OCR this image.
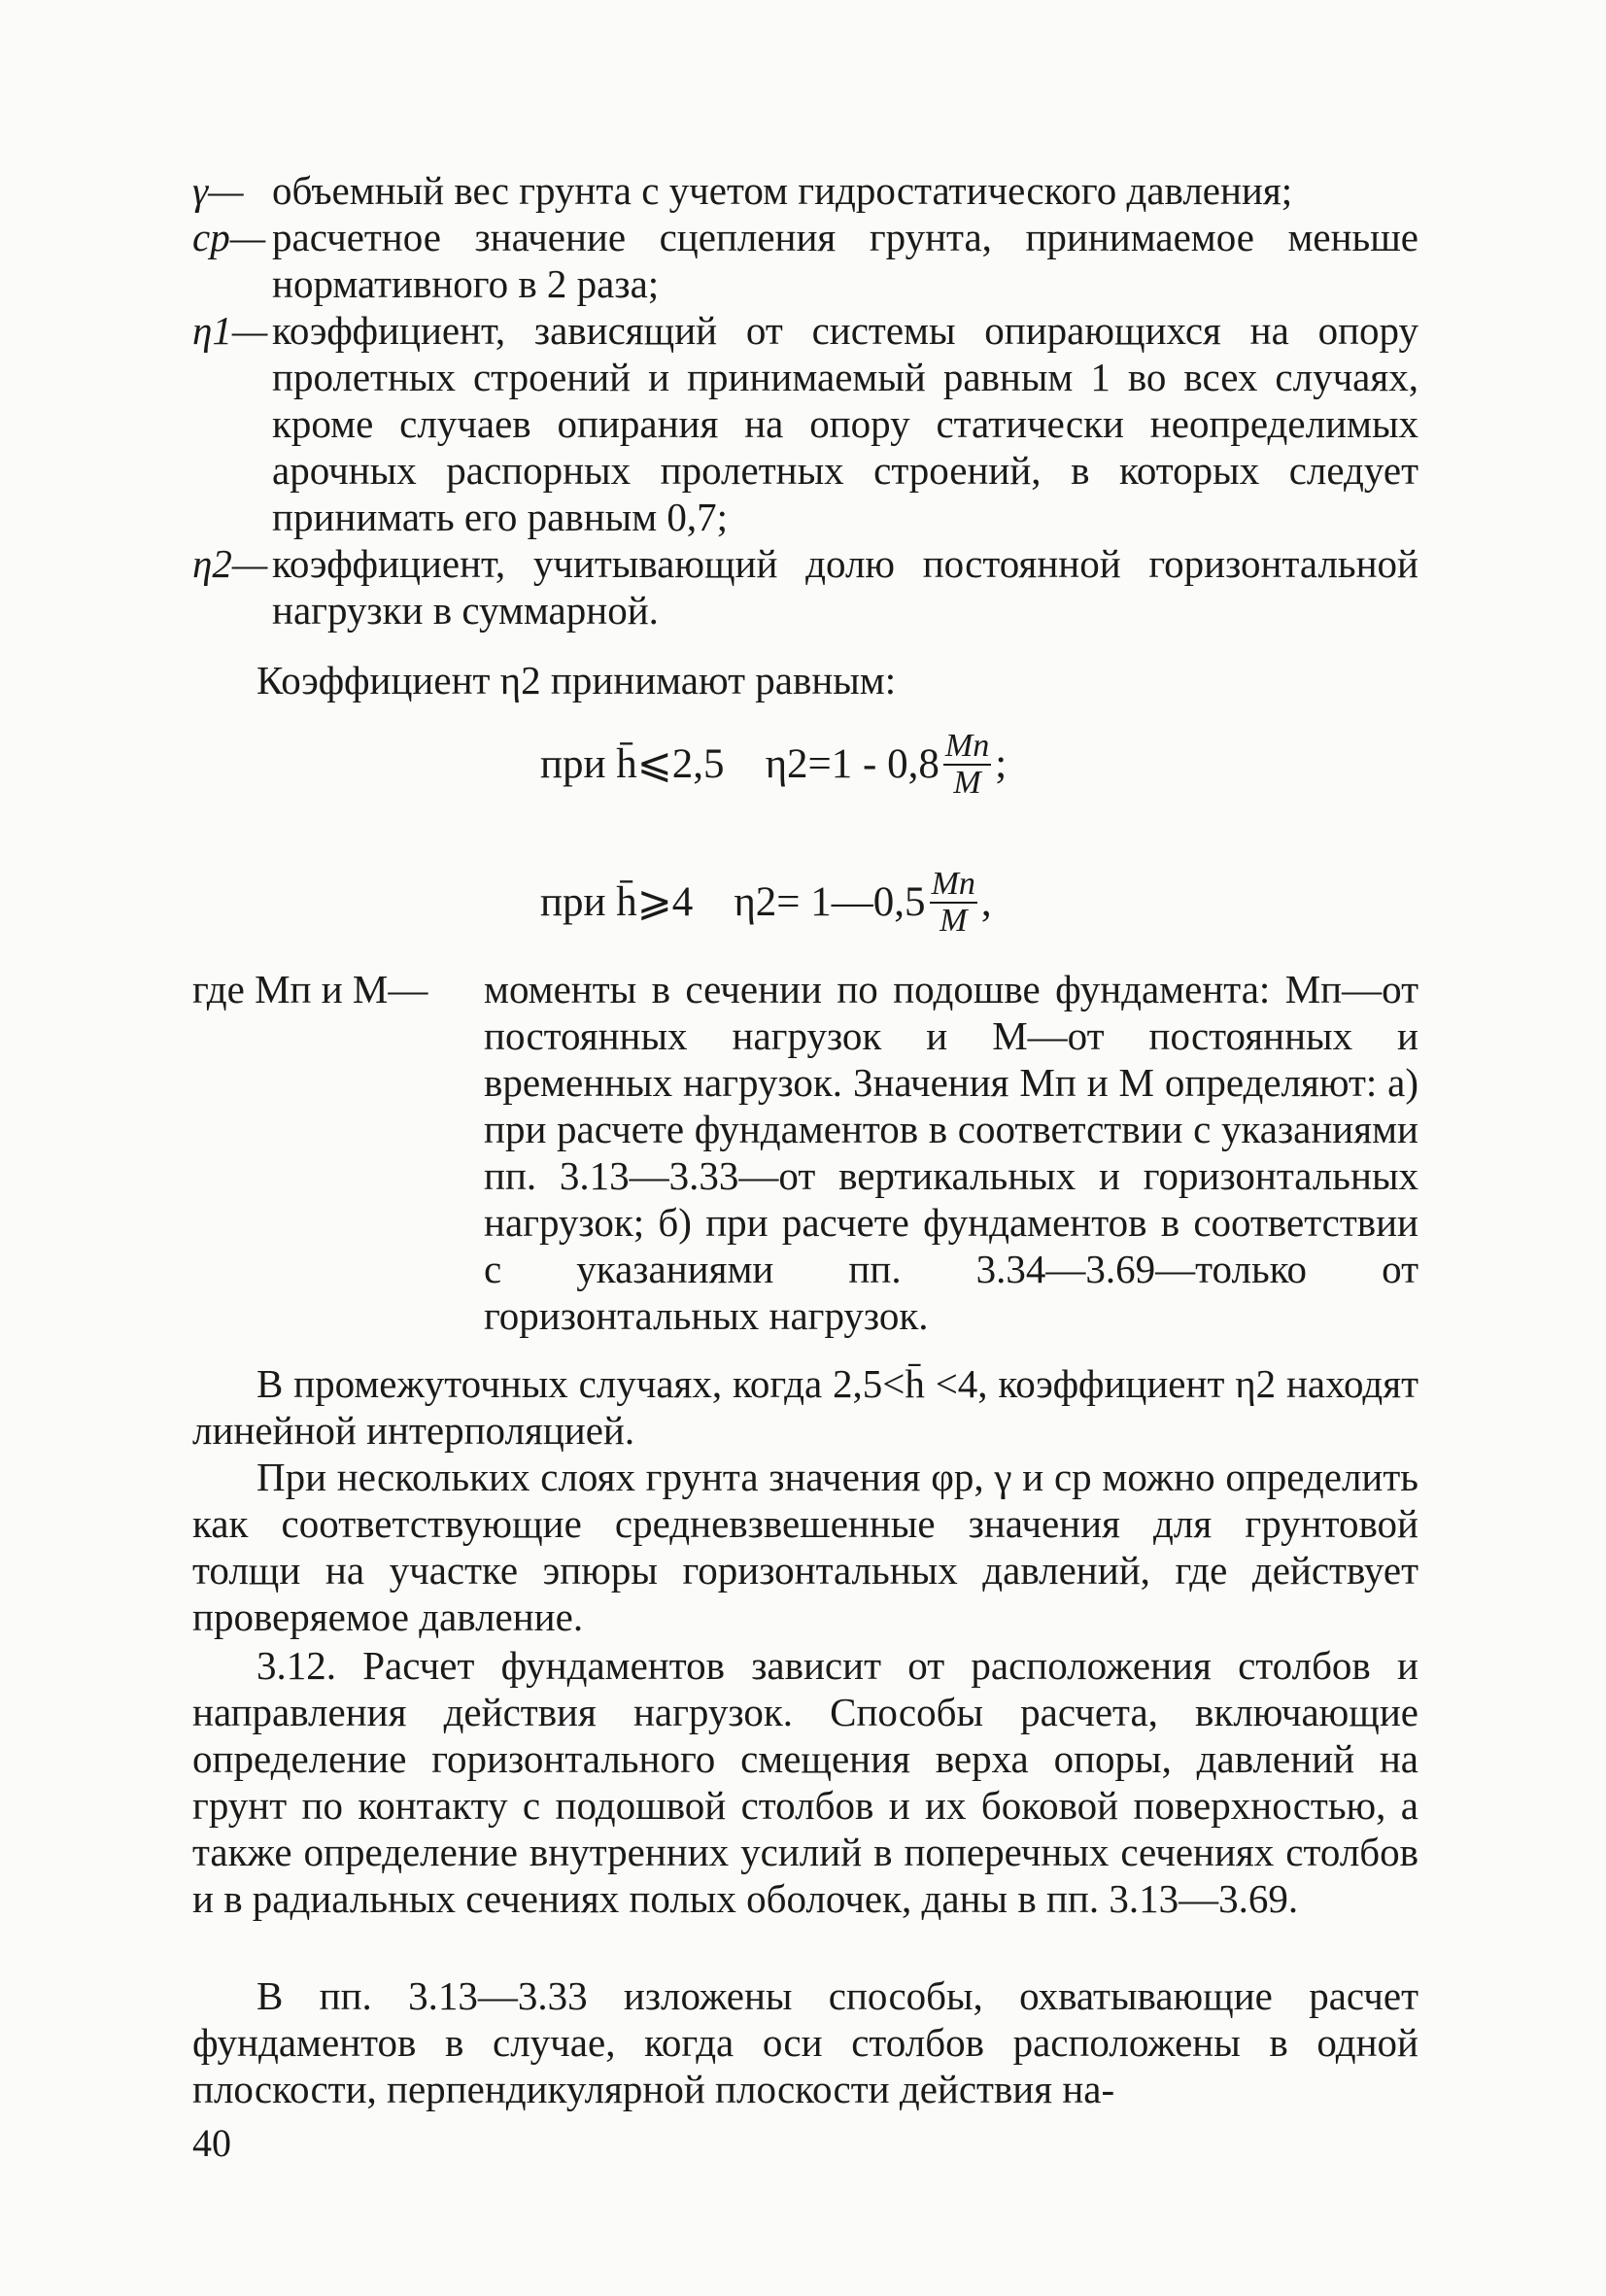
γ— объемный вес грунта с учетом гидростатического давления;
cр— расчетное значение сцепления грунта, принимаемое меньше нормативного в 2 раза;
η1— коэффициент, зависящий от системы опирающихся на опору пролетных строений и принимаемый равным 1 во всех случаях, кроме случаев опирания на опору статически неопределимых арочных распорных пролетных строений, в которых следует принимать его равным 0,7;
η2— коэффициент, учитывающий долю постоянной горизонтальной нагрузки в суммарной.
Коэффициент η2 принимают равным:
при h̄⩽2,5 $\eta 2=1 - 0,8 \frac{Mп}{M}$ ;
при h̄⩾4 η2= 1—0,5 $\frac{Mп}{M}$ ,
где Mп и M—	моменты в сечении по подошве фундамента: Mп—от постоянных нагрузок и M—от постоянных и временных нагрузок. Значения Mп и M определяют: а) при расчете фундаментов в соответствии с указаниями пп. 3.13—3.33—от вертикальных и горизонтальных нагрузок; б) при расчете фундаментов в соответствии с указаниями пп. 3.34—3.69—только от горизонтальных нагрузок.
В промежуточных случаях, когда 2,5<h̄ <4, коэффициент η2 находят линейной интерполяцией.
При нескольких слоях грунта значения φр, γ и cр можно определить как соответствующие средневзвешенные значения для грунтовой толщи на участке эпюры горизонтальных давлений, где действует проверяемое давление.
3.12. Расчет фундаментов зависит от расположения столбов и направления действия нагрузок. Способы расчета, включающие определение горизонтального смещения верха опоры, давлений на грунт по контакту с подошвой столбов и их боковой поверхностью, а также определение внутренних усилий в поперечных сечениях столбов и в радиальных сечениях полых оболочек, даны в пп. 3.13—3.69.
В пп. 3.13—3.33 изложены способы, охватывающие расчет фундаментов в случае, когда оси столбов расположены в одной плоскости, перпендикулярной плоскости действия на-
40
